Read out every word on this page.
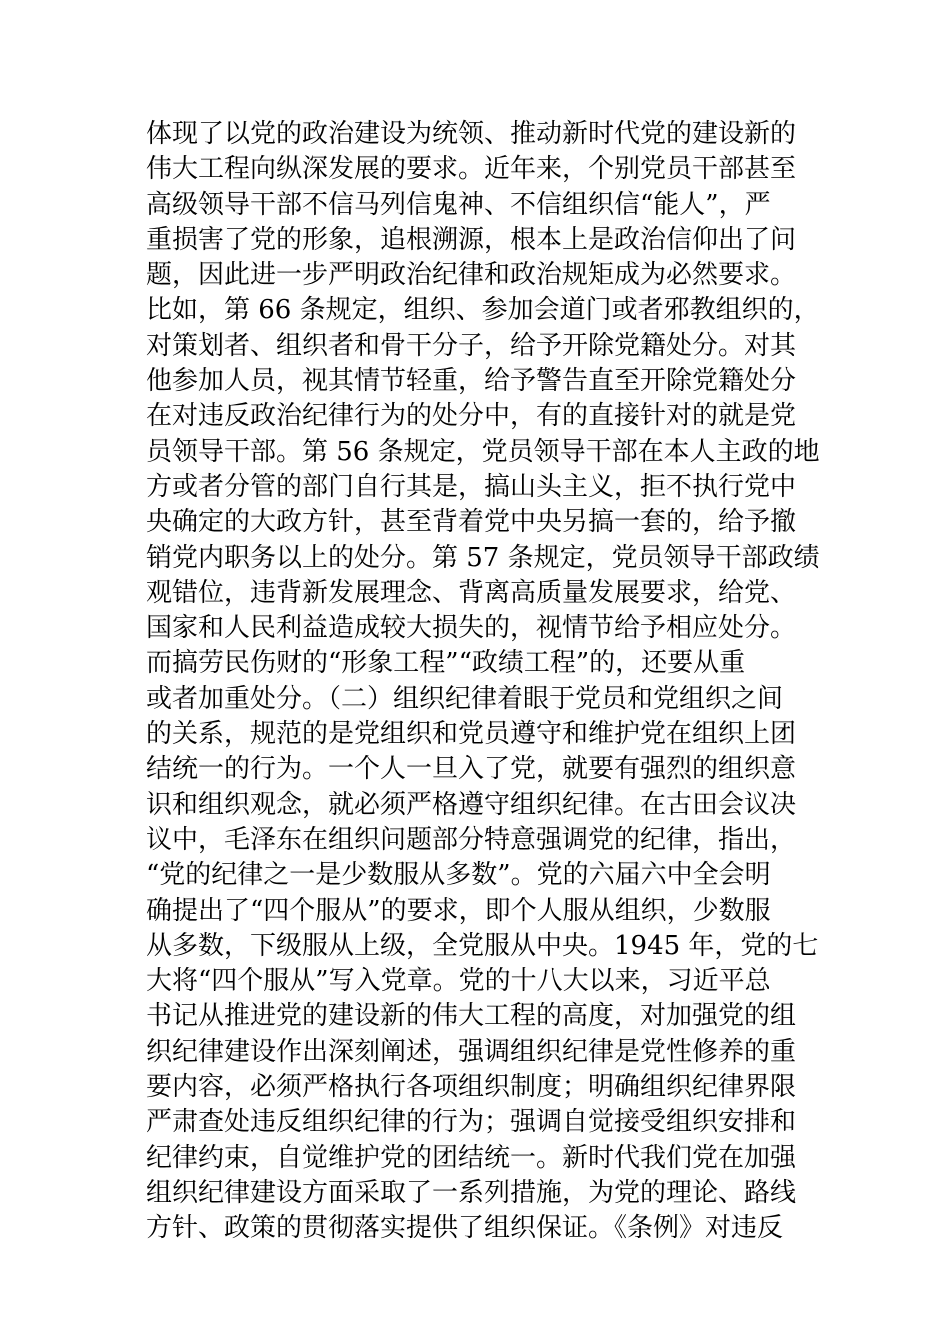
体现了以党的政治建设为统领、推动新时代党的建设新的
伟大工程向纵深发展的要求。近年来，个别党员干部甚至
高级领导干部不信马列信鬼神、不信组织信“能人”，严
重损害了党的形象，追根溯源，根本上是政治信仰出了问
题，因此进一步严明政治纪律和政治规矩成为必然要求。
比如，第 66 条规定，组织、参加会道门或者邪教组织的，
对策划者、组织者和骨干分子，给予开除党籍处分。对其
他参加人员，视其情节轻重，给予警告直至开除党籍处分
在对违反政治纪律行为的处分中，有的直接针对的就是党
员领导干部。第 56 条规定，党员领导干部在本人主政的地
方或者分管的部门自行其是，搞山头主义，拒不执行党中
央确定的大政方针，甚至背着党中央另搞一套的，给予撤
销党内职务以上的处分。第 57 条规定，党员领导干部政绩
观错位，违背新发展理念、背离高质量发展要求，给党、
国家和人民利益造成较大损失的，视情节给予相应处分。
而搞劳民伤财的“形象工程”“政绩工程”的，还要从重
或者加重处分。（二）组织纪律着眼于党员和党组织之间
的关系，规范的是党组织和党员遵守和维护党在组织上团
结统一的行为。一个人一旦入了党，就要有强烈的组织意
识和组织观念，就必须严格遵守组织纪律。在古田会议决
议中，毛泽东在组织问题部分特意强调党的纪律，指出，
“党的纪律之一是少数服从多数”。党的六届六中全会明
确提出了“四个服从”的要求，即个人服从组织，少数服
从多数，下级服从上级，全党服从中央。1945 年，党的七
大将“四个服从”写入党章。党的十八大以来，习近平总
书记从推进党的建设新的伟大工程的高度，对加强党的组
织纪律建设作出深刻阐述，强调组织纪律是党性修养的重
要内容，必须严格执行各项组织制度；明确组织纪律界限
严肃查处违反组织纪律的行为；强调自觉接受组织安排和
纪律约束，自觉维护党的团结统一。新时代我们党在加强
组织纪律建设方面采取了一系列措施，为党的理论、路线
方针、政策的贯彻落实提供了组织保证。《条例》对违反
